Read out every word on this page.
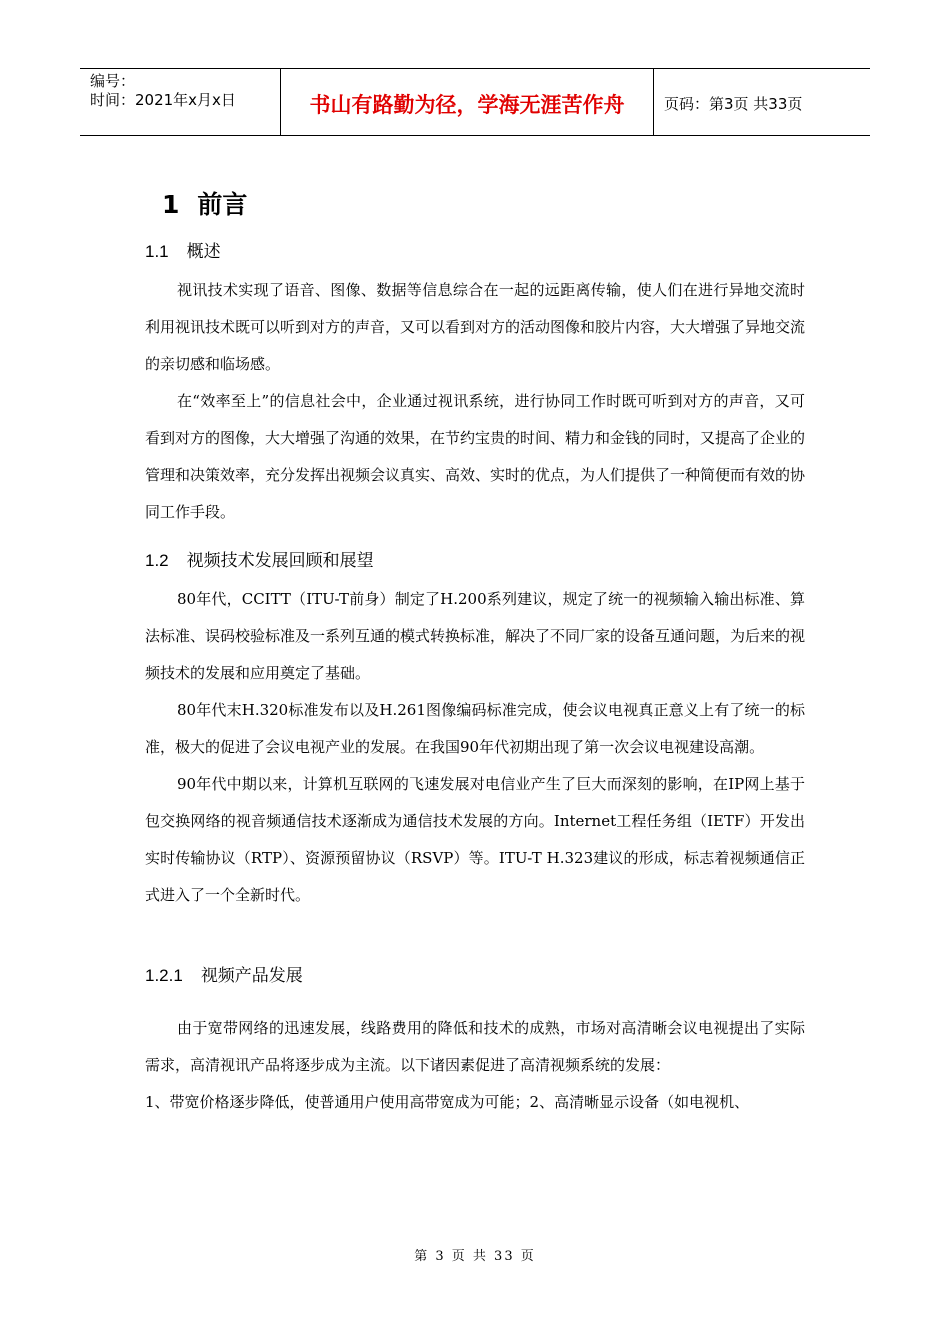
编号：
时间：2021年x月x日	书山有路勤为径，学海无涯苦作舟	页码：第3页 共33页
1 前言
1.1 概述

视讯技术实现了语音、图像、数据等信息综合在一起的远距离传输，使人们在进行异地交流时利用视讯技术既可以听到对方的声音，又可以看到对方的活动图像和胶片内容，大大增强了异地交流的亲切感和临场感。

在“效率至上”的信息社会中，企业通过视讯系统，进行协同工作时既可听到对方的声音，又可看到对方的图像，大大增强了沟通的效果，在节约宝贵的时间、精力和金钱的同时，又提高了企业的管理和决策效率，充分发挥出视频会议真实、高效、实时的优点，为人们提供了一种简便而有效的协同工作手段。

1.2 视频技术发展回顾和展望

80年代，CCITT（ITU-T前身）制定了H.200系列建议，规定了统一的视频输入输出标准、算法标准、误码校验标准及一系列互通的模式转换标准，解决了不同厂家的设备互通问题，为后来的视频技术的发展和应用奠定了基础。

80年代末H.320标准发布以及H.261图像编码标准完成，使会议电视真正意义上有了统一的标准，极大的促进了会议电视产业的发展。在我国90年代初期出现了第一次会议电视建设高潮。

90年代中期以来，计算机互联网的飞速发展对电信业产生了巨大而深刻的影响，在IP网上基于包交换网络的视音频通信技术逐渐成为通信技术发展的方向。Internet工程任务组（IETF）开发出实时传输协议（RTP）、资源预留协议（RSVP）等。ITU-T H.323建议的形成，标志着视频通信正式进入了一个全新时代。

1.2.1 视频产品发展

由于宽带网络的迅速发展，线路费用的降低和技术的成熟，市场对高清晰会议电视提出了实际需求，高清视讯产品将逐步成为主流。以下诸因素促进了高清视频系统的发展：

1、带宽价格逐步降低，使普通用户使用高带宽成为可能；2、高清晰显示设备（如电视机、

第 3 页 共 33 页
